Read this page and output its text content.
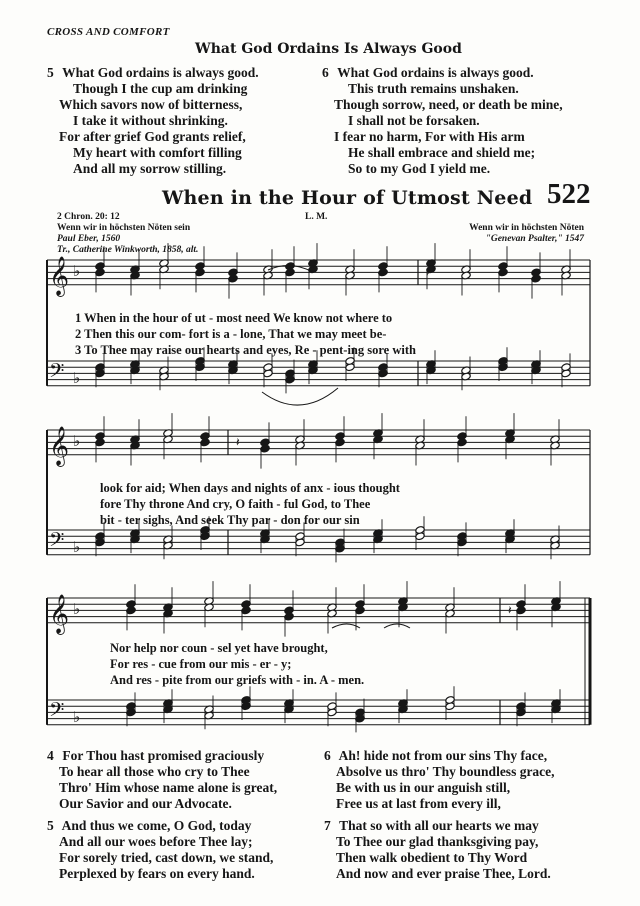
CROSS AND COMFORT
What God Ordains Is Always Good
5 What God ordains is always good.
Though I the cup am drinking
Which savors now of bitterness,
I take it without shrinking.
For after grief God grants relief,
My heart with comfort filling
And all my sorrow stilling.
6 What God ordains is always good.
This truth remains unshaken.
Though sorrow, need, or death be mine,
I shall not be forsaken.
I fear no harm, For with His arm
He shall embrace and shield me;
So to my God I yield me.
When in the Hour of Utmost Need 522
2 Chron. 20: 12
Wenn wir in höchsten Nöten sein
Paul Eber, 1560
Tr., Catherine Winkworth, 1858, alt.
L. M.
Wenn wir in höchsten Nöten
"Genevan Psalter," 1547
𝄞 ♭
𝄢 ♭
𝄽
𝄞 ♭
𝄢 ♭
𝄽
𝄞 ♭
𝄢 ♭
𝄽
1 When in the hour of ut - most need We know not where to
2 Then this our com- fort is a - lone, That we may meet be-
3 To Thee may raise our hearts and eyes, Re - pent-ing sore with
4 For Thou hast promised graciously
To hear all those who cry to Thee
Thro' Him whose name alone is great,
Our Savior and our Advocate.
5 And thus we come, O God, today
And all our woes before Thee lay;
For sorely tried, cast down, we stand,
Perplexed by fears on every hand.
6 Ah! hide not from our sins Thy face,
Absolve us thro' Thy boundless grace,
Be with us in our anguish still,
Free us at last from every ill,
7 That so with all our hearts we may
To Thee our glad thanksgiving pay,
Then walk obedient to Thy Word
And now and ever praise Thee, Lord.
look for aid; When days and nights of anx - ious thought
fore Thy throne And cry, O faith - ful God, to Thee
bit - ter sighs, And seek Thy par - don for our sin
Nor help nor coun - sel yet have brought,
For res - cue from our mis - er - y;
And res - pite from our griefs with - in. A - men.
